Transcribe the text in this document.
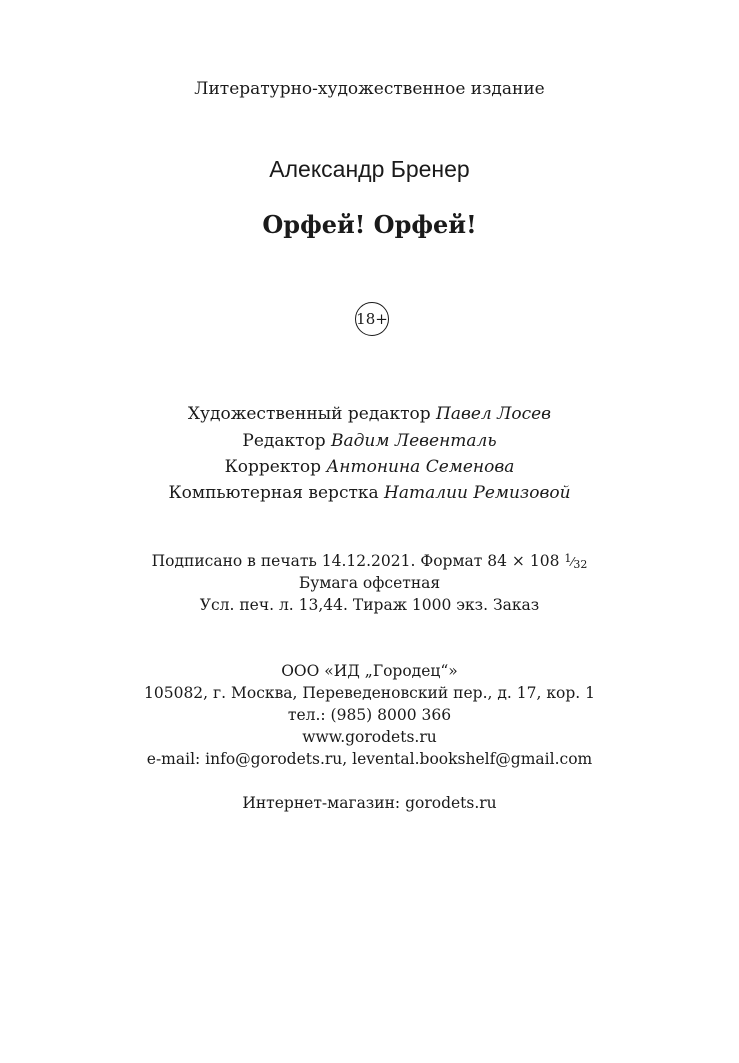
Литературно-художественное издание
Александр Бренер
Орфей! Орфей!
18+
Художественный редактор Павел Лосев
Редактор Вадим Левенталь
Корректор Антонина Семенова
Компьютерная верстка Наталии Ремизовой
Подписано в печать 14.12.2021. Формат 84 × 108 $^1⁄_{32}$
Бумага офсетная
Усл. печ. л. 13,44. Тираж 1000 экз. Заказ
ООО «ИД „Городец“»
105082, г. Москва, Переведеновский пер., д. 17, кор. 1
тел.: (985) 8000 366
www.gorodets.ru
e-mail: info@gorodets.ru, levental.bookshelf@gmail.com
Интернет-магазин: gorodets.ru
